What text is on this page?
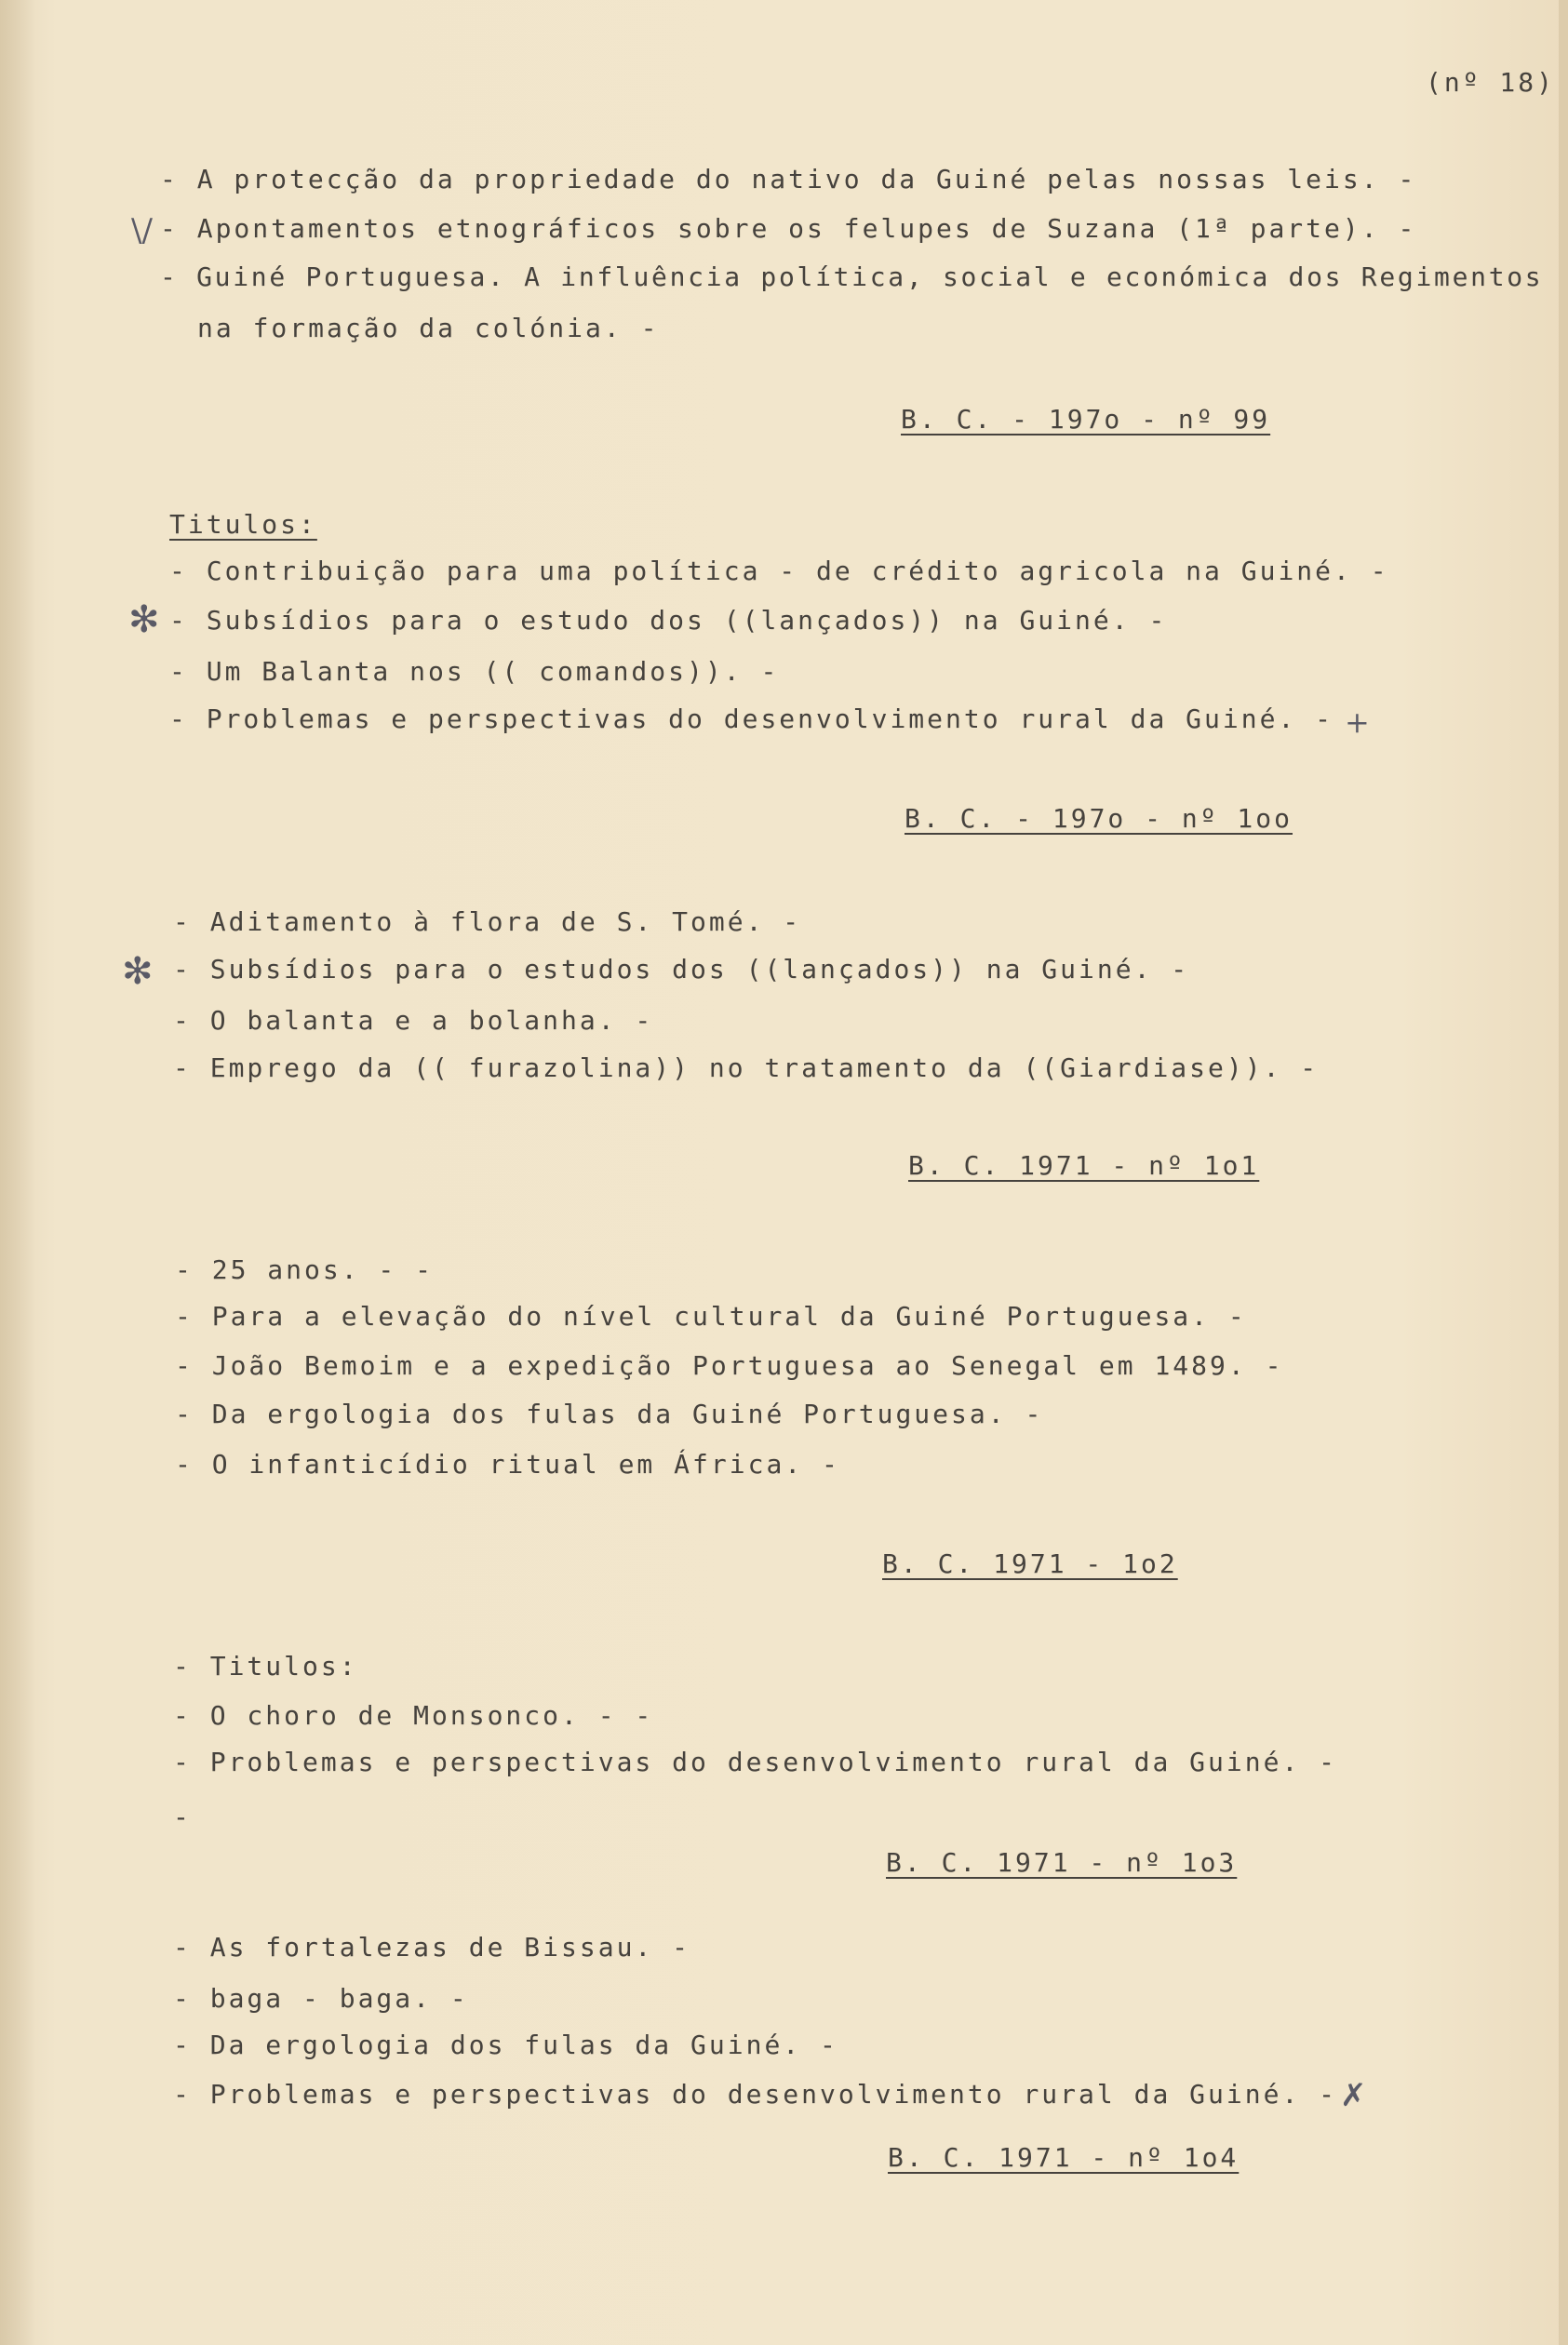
(nº 18)
- A protecção da propriedade do nativo da Guiné pelas nossas leis. -
- Apontamentos etnográficos sobre os felupes de Suzana (1ª parte). -
- Guiné Portuguesa. A influência política, social e económica dos Regimentos
na formação da colónia. -
\/
B. C. - 197o - nº 99
Titulos:
- Contribuição para uma política - de crédito agricola na Guiné. -
- Subsídios para o estudo dos ((lançados)) na Guiné. -
- Um Balanta nos (( comandos)). -
- Problemas e perspectivas do desenvolvimento rural da Guiné. -
✻
+
B. C. - 197o - nº 1oo
- Aditamento à flora de S. Tomé. -
- Subsídios para o estudos dos ((lançados)) na Guiné. -
- O balanta e a bolanha. -
- Emprego da (( furazolina)) no tratamento da ((Giardiase)). -
✻
B. C. 1971 - nº 1o1
- 25 anos. - -
- Para a elevação do nível cultural da Guiné Portuguesa. -
- João Bemoim e a expedição Portuguesa ao Senegal em 1489. -
- Da ergologia dos fulas da Guiné Portuguesa. -
- O infanticídio ritual em África. -
B. C. 1971 - 1o2
- Titulos:
- O choro de Monsonco. - -
- Problemas e perspectivas do desenvolvimento rural da Guiné. -
-
B. C. 1971 - nº 1o3
- As fortalezas de Bissau. -
- baga - baga. -
- Da ergologia dos fulas da Guiné. -
- Problemas e perspectivas do desenvolvimento rural da Guiné. - ✗
B. C. 1971 - nº 1o4
